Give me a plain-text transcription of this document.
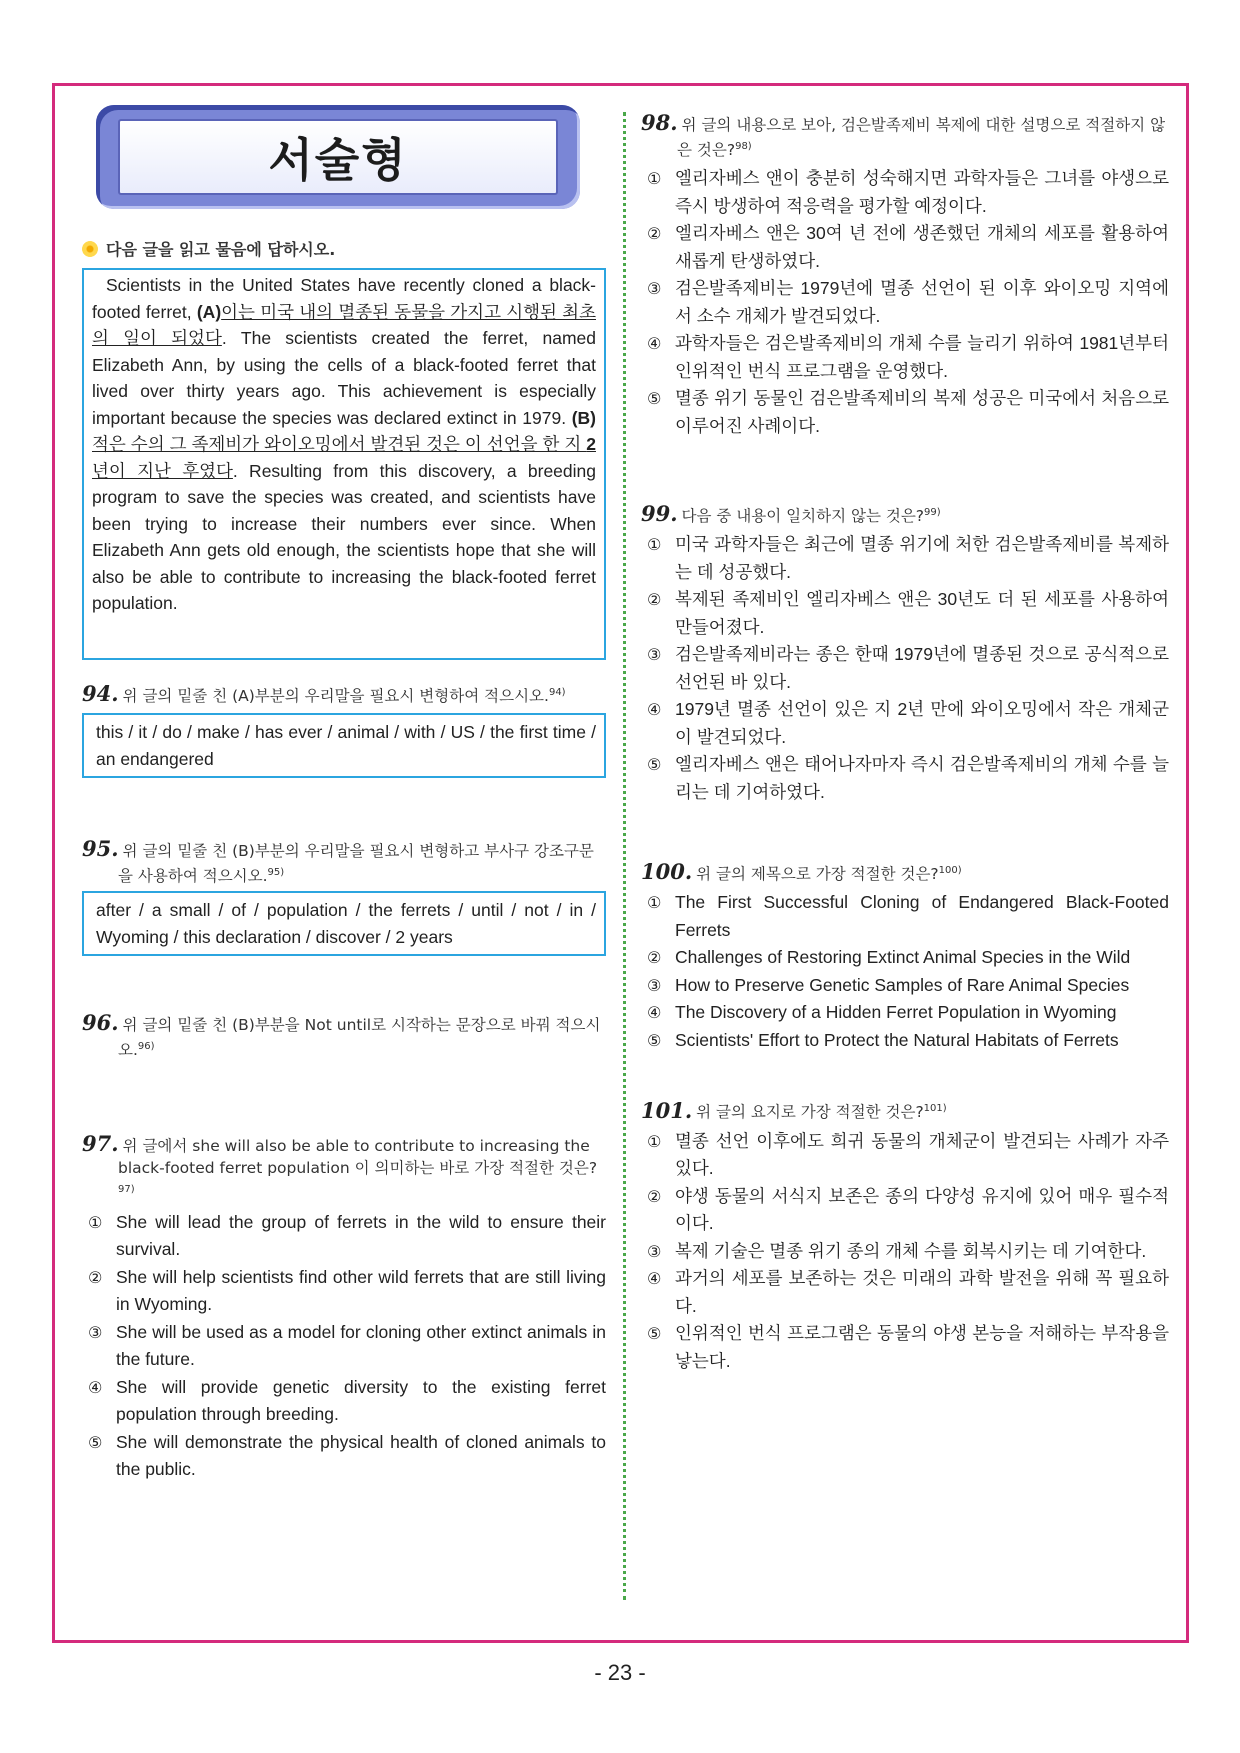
서술형
다음 글을 읽고 물음에 답하시오.
Scientists in the United States have recently cloned a black-footed ferret, (A)이는 미국 내의 멸종된 동물을 가지고 시행된 최초의 일이 되었다. The scientists created the ferret, named Elizabeth Ann, by using the cells of a black-footed ferret that lived over thirty years ago. This achievement is especially important because the species was declared extinct in 1979. (B)적은 수의 그 족제비가 와이오밍에서 발견된 것은 이 선언을 한 지 2년이 지난 후였다. Resulting from this discovery, a breeding program to save the species was created, and scientists have been trying to increase their numbers ever since. When Elizabeth Ann gets old enough, the scientists hope that she will also be able to contribute to increasing the black-footed ferret population.
94. 위 글의 밑줄 친 (A)부분의 우리말을 필요시 변형하여 적으시오.$^{94)}$
this / it / do / make / has ever / animal / with / US / the first time / an endangered
95. 위 글의 밑줄 친 (B)부분의 우리말을 필요시 변형하고 부사구 강조구문을 사용하여 적으시오.$^{95)}$
after / a small / of / population / the ferrets / until / not / in / Wyoming / this declaration / discover / 2 years
96. 위 글의 밑줄 친 (B)부분을 Not until로 시작하는 문장으로 바꿔 적으시오.$^{96)}$
97. 위 글에서 she will also be able to contribute to increasing the black-footed ferret population 이 의미하는 바로 가장 적절한 것은?$^{97)}$
① She will lead the group of ferrets in the wild to ensure their survival.
② She will help scientists find other wild ferrets that are still living in Wyoming.
③ She will be used as a model for cloning other extinct animals in the future.
④ She will provide genetic diversity to the existing ferret population through breeding.
⑤ She will demonstrate the physical health of cloned animals to the public.
98. 위 글의 내용으로 보아, 검은발족제비 복제에 대한 설명으로 적절하지 않은 것은?$^{98)}$
① 엘리자베스 앤이 충분히 성숙해지면 과학자들은 그녀를 야생으로 즉시 방생하여 적응력을 평가할 예정이다.
② 엘리자베스 앤은 30여 년 전에 생존했던 개체의 세포를 활용하여 새롭게 탄생하였다.
③ 검은발족제비는 1979년에 멸종 선언이 된 이후 와이오밍 지역에서 소수 개체가 발견되었다.
④ 과학자들은 검은발족제비의 개체 수를 늘리기 위하여 1981년부터 인위적인 번식 프로그램을 운영했다.
⑤ 멸종 위기 동물인 검은발족제비의 복제 성공은 미국에서 처음으로 이루어진 사례이다.
99. 다음 중 내용이 일치하지 않는 것은?$^{99)}$
① 미국 과학자들은 최근에 멸종 위기에 처한 검은발족제비를 복제하는 데 성공했다.
② 복제된 족제비인 엘리자베스 앤은 30년도 더 된 세포를 사용하여 만들어졌다.
③ 검은발족제비라는 종은 한때 1979년에 멸종된 것으로 공식적으로 선언된 바 있다.
④ 1979년 멸종 선언이 있은 지 2년 만에 와이오밍에서 작은 개체군이 발견되었다.
⑤ 엘리자베스 앤은 태어나자마자 즉시 검은발족제비의 개체 수를 늘리는 데 기여하였다.
100. 위 글의 제목으로 가장 적절한 것은?$^{100)}$
① The First Successful Cloning of Endangered Black-Footed Ferrets
② Challenges of Restoring Extinct Animal Species in the Wild
③ How to Preserve Genetic Samples of Rare Animal Species
④ The Discovery of a Hidden Ferret Population in Wyoming
⑤ Scientists' Effort to Protect the Natural Habitats of Ferrets
101. 위 글의 요지로 가장 적절한 것은?$^{101)}$
① 멸종 선언 이후에도 희귀 동물의 개체군이 발견되는 사례가 자주 있다.
② 야생 동물의 서식지 보존은 종의 다양성 유지에 있어 매우 필수적이다.
③ 복제 기술은 멸종 위기 종의 개체 수를 회복시키는 데 기여한다.
④ 과거의 세포를 보존하는 것은 미래의 과학 발전을 위해 꼭 필요하다.
⑤ 인위적인 번식 프로그램은 동물의 야생 본능을 저해하는 부작용을 낳는다.
- 23 -
